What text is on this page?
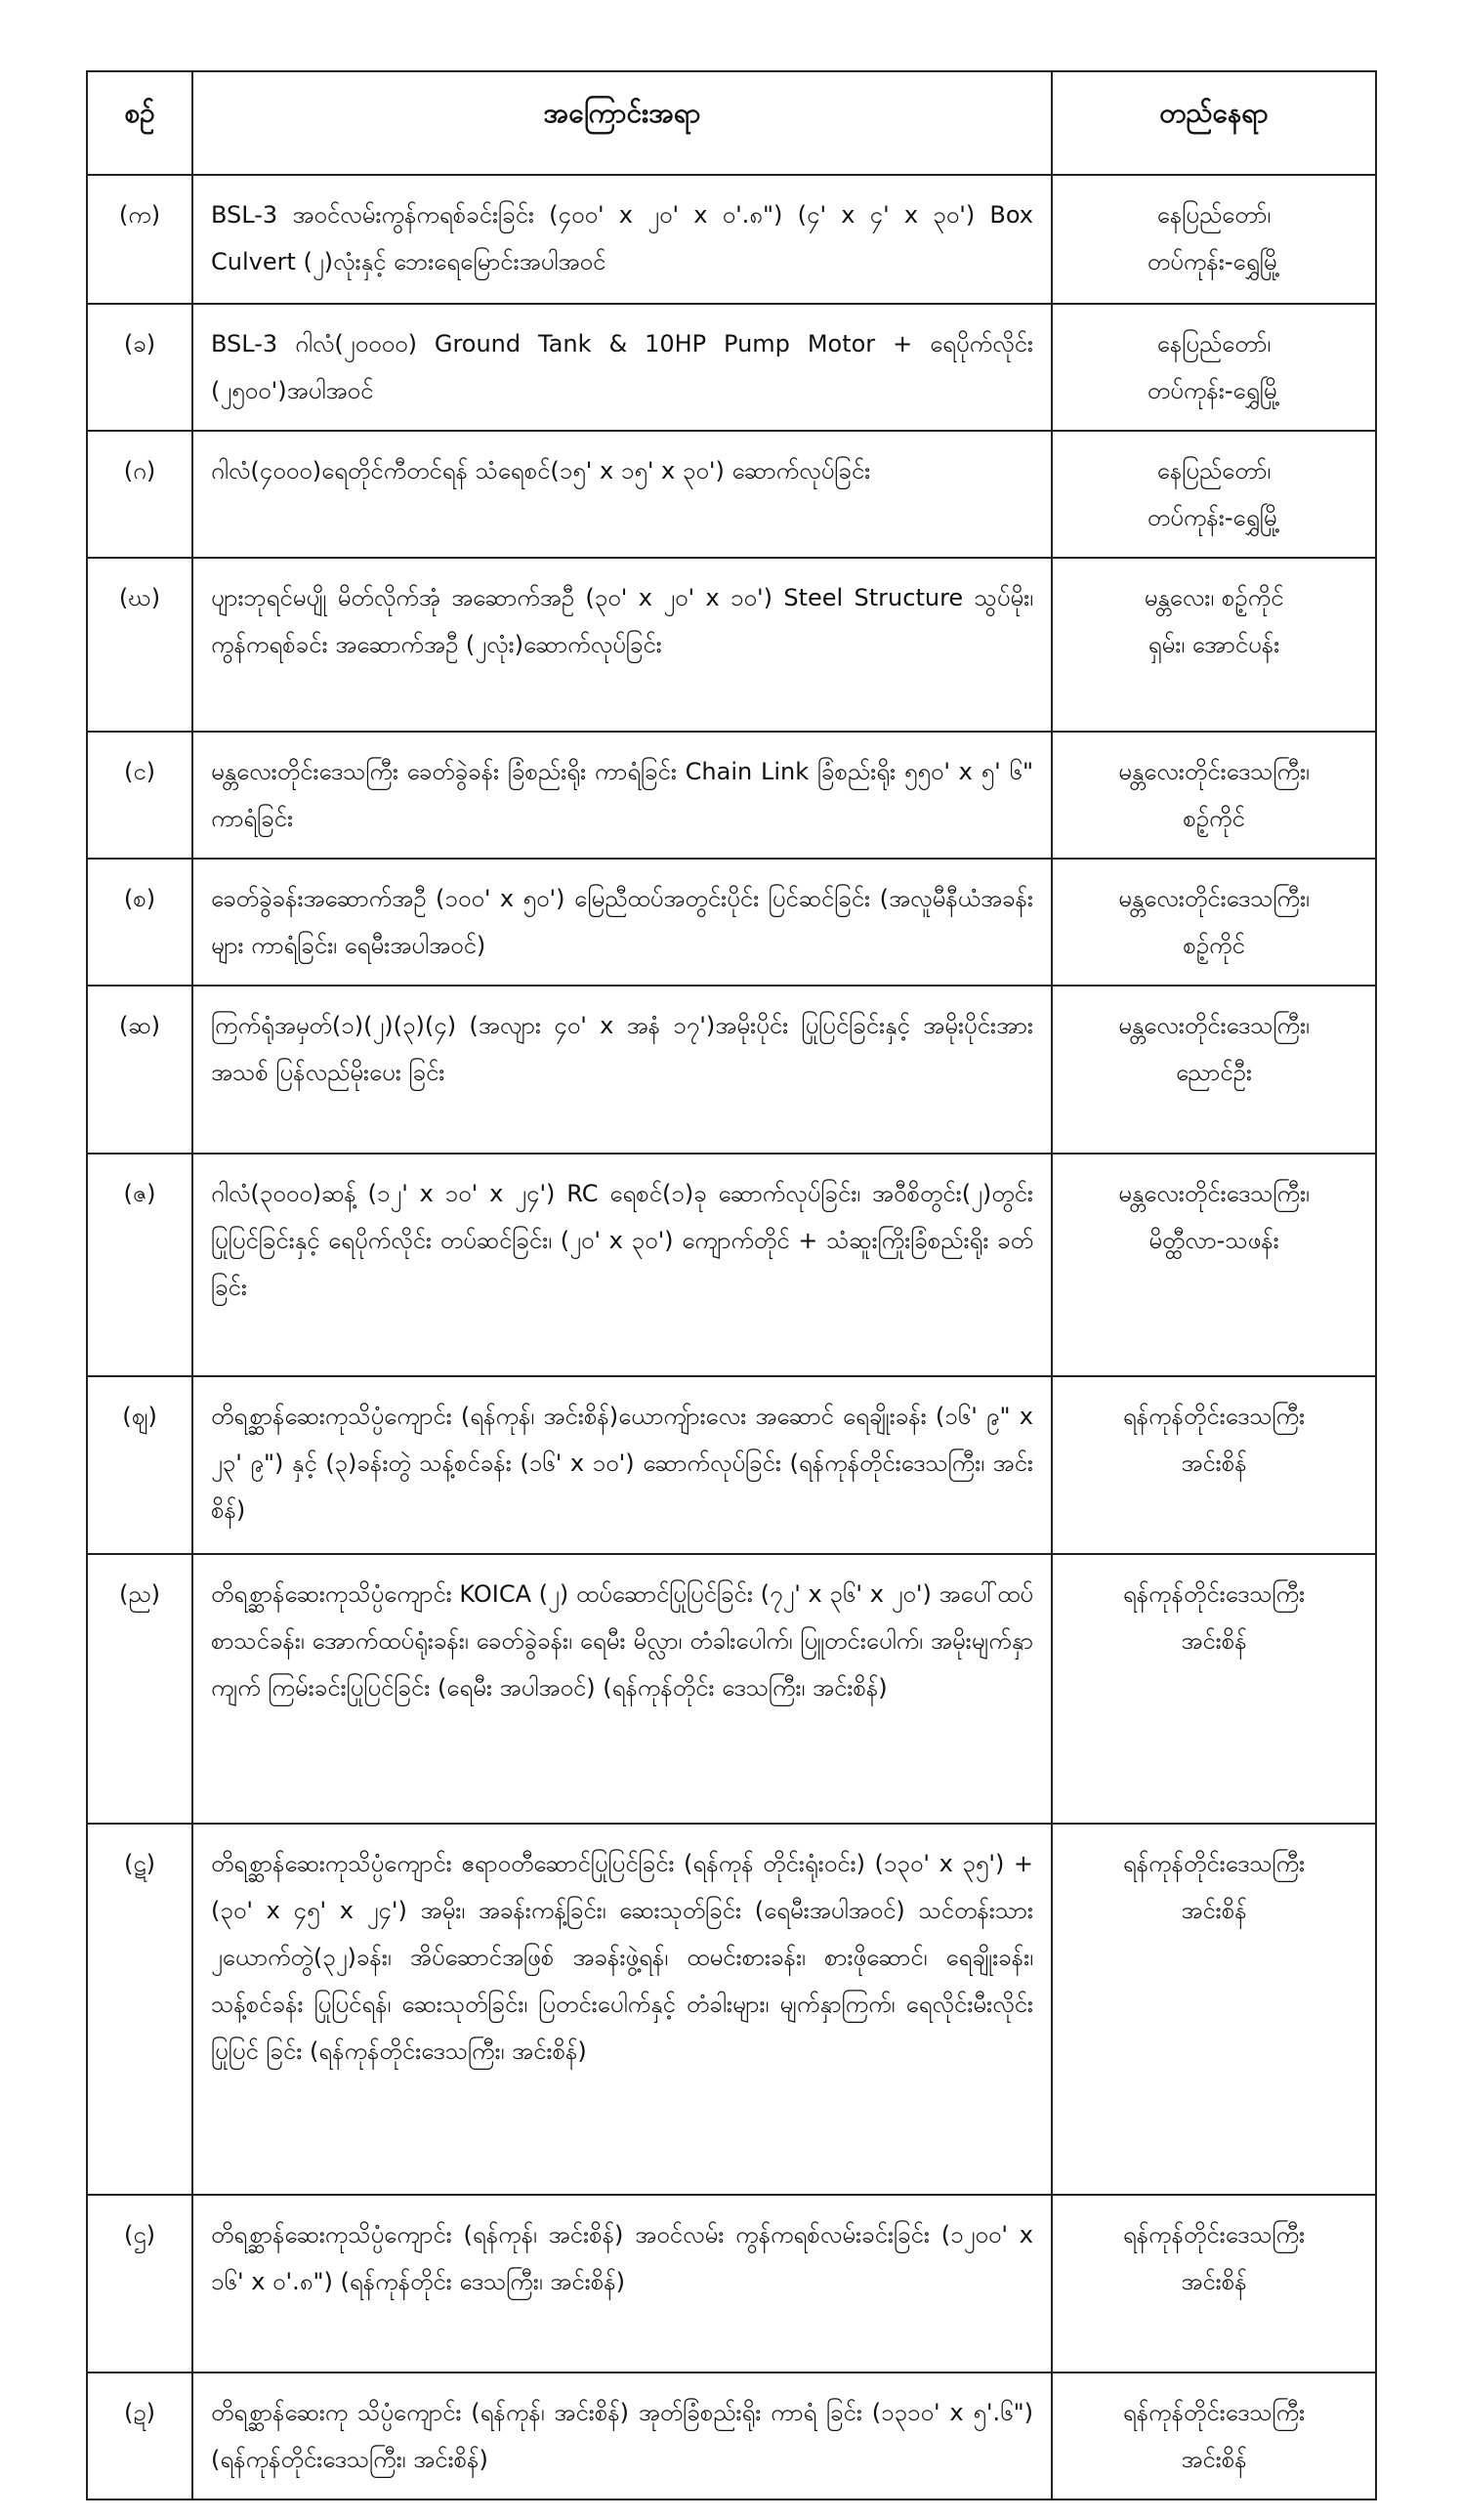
စဉ်	အကြောင်းအရာ	တည်နေရာ
(က)	BSL-3 အဝင်လမ်းကွန်ကရစ်ခင်းခြင်း (၄၀၀' x ၂၀' x ၀'.၈") (၄' x ၄' x ၃၀') Box Culvert (၂)လုံးနှင့် ဘေးရေမြောင်းအပါအဝင်	နေပြည်တော်၊
တပ်ကုန်း-ရွှေမြို့

(ခ)	BSL-3 ဂါလံ(၂၀၀၀၀) Ground Tank & 10HP Pump Motor + ရေပိုက်လိုင်း (၂၅၀၀')အပါအဝင်	နေပြည်တော်၊
တပ်ကုန်း-ရွှေမြို့

(ဂ)	ဂါလံ(၄၀၀၀)ရေတိုင်ကီတင်ရန် သံရေစင်(၁၅' x ၁၅' x ၃၀') ဆောက်လုပ်ခြင်း	နေပြည်တော်၊
တပ်ကုန်း-ရွှေမြို့

(ဃ)	ပျားဘုရင်မပျို မိတ်လိုက်အုံ အဆောက်အဦ (၃၀' x ၂၀' x ၁၀') Steel Structure သွပ်မိုး၊ ကွန်ကရစ်ခင်း အဆောက်အဦ (၂လုံး)ဆောက်လုပ်ခြင်း	မန္တလေး၊ စဥ့်ကိုင်
ရှမ်း၊ အောင်ပန်း

(င)	မန္တလေးတိုင်းဒေသကြီး ခေတ်ခွဲခန်း ခြံစည်းရိုး ကာရံခြင်း Chain Link ခြံစည်းရိုး ၅၅၀' x ၅' ၆" ကာရံခြင်း	မန္တလေးတိုင်းဒေသကြီး၊
စဥ့်ကိုင်

(စ)	ခေတ်ခွဲခန်းအဆောက်အဦ (၁၀၀' x ၅၀') မြေညီထပ်အတွင်းပိုင်း ပြင်ဆင်ခြင်း (အလူမီနီယံအခန်းများ ကာရံခြင်း၊ ရေမီးအပါအဝင်)	မန္တလေးတိုင်းဒေသကြီး၊
စဥ့်ကိုင်

(ဆ)	ကြက်ရုံအမှတ်(၁)(၂)(၃)(၄) (အလျား ၄၀' x အနံ ၁၇')အမိုးပိုင်း ပြုပြင်ခြင်းနှင့် အမိုးပိုင်းအား အသစ် ပြန်လည်မိုးပေး ခြင်း	မန္တလေးတိုင်းဒေသကြီး၊
ညောင်ဦး

(ဇ)	ဂါလံ(၃၀၀၀)ဆန့် (၁၂' x ၁၀' x ၂၄') RC ရေစင်(၁)ခု ဆောက်လုပ်ခြင်း၊ အဝီစိတွင်း(၂)တွင်း ပြုပြင်ခြင်းနှင့် ရေပိုက်လိုင်း တပ်ဆင်ခြင်း၊ (၂၀' x ၃၀') ကျောက်တိုင် + သံဆူးကြိုးခြံစည်းရိုး ခတ်ခြင်း	မန္တလေးတိုင်းဒေသကြီး၊
မိတ္ထီလာ-သဖန်း

(ဈ)	တိရစ္ဆာန်ဆေးကုသိပ္ပံကျောင်း (ရန်ကုန်၊ အင်းစိန်)ယောကျ်ားလေး အဆောင် ရေချိုးခန်း (၁၆' ၉" x ၂၃' ၉") နှင့် (၃)ခန်းတွဲ သန့်စင်ခန်း (၁၆' x ၁၀') ဆောက်လုပ်ခြင်း (ရန်ကုန်တိုင်းဒေသကြီး၊ အင်းစိန်)	ရန်ကုန်တိုင်းဒေသကြီး
အင်းစိန်

(ည)	တိရစ္ဆာန်ဆေးကုသိပ္ပံကျောင်း KOICA (၂) ထပ်ဆောင်ပြုပြင်ခြင်း (၇၂' x ၃၆' x ၂၀') အပေါ်ထပ်စာသင်ခန်း၊ အောက်ထပ်ရုံးခန်း၊ ခေတ်ခွဲခန်း၊ ရေမီး မိလ္လာ၊ တံခါးပေါက်၊ ပြူတင်းပေါက်၊ အမိုးမျက်နှာ ကျက် ကြမ်းခင်းပြုပြင်ခြင်း (ရေမီး အပါအဝင်) (ရန်ကုန်တိုင်း ဒေသကြီး၊ အင်းစိန်)	ရန်ကုန်တိုင်းဒေသကြီး
အင်းစိန်

(ဋ)	တိရစ္ဆာန်ဆေးကုသိပ္ပံကျောင်း ဧရာဝတီဆောင်ပြုပြင်ခြင်း (ရန်ကုန် တိုင်းရုံးဝင်း) (၁၃၀' x ၃၅') + (၃၀' x ၄၅' x ၂၄') အမိုး၊ အခန်းကန့်ခြင်း၊ ဆေးသုတ်ခြင်း (ရေမီးအပါအဝင်) သင်တန်းသား ၂ယောက်တွဲ(၃၂)ခန်း၊ အိပ်ဆောင်အဖြစ် အခန်းဖွဲ့ရန်၊ ထမင်းစားခန်း၊ စားဖိုဆောင်၊ ရေချိုးခန်း၊ သန့်စင်ခန်း ပြုပြင်ရန်၊ ဆေးသုတ်ခြင်း၊ ပြတင်းပေါက်နှင့် တံခါးများ၊ မျက်နှာကြက်၊ ရေလိုင်းမီးလိုင်းပြုပြင် ခြင်း (ရန်ကုန်တိုင်းဒေသကြီး၊ အင်းစိန်)	ရန်ကုန်တိုင်းဒေသကြီး
အင်းစိန်

(ဌ)	တိရစ္ဆာန်ဆေးကုသိပ္ပံကျောင်း (ရန်ကုန်၊ အင်းစိန်) အဝင်လမ်း ကွန်ကရစ်လမ်းခင်းခြင်း (၁၂၀၀' x ၁၆' x ၀'.၈") (ရန်ကုန်တိုင်း ဒေသကြီး၊ အင်းစိန်)	ရန်ကုန်တိုင်းဒေသကြီး
အင်းစိန်

(ဍ)	တိရစ္ဆာန်ဆေးကု သိပ္ပံကျောင်း (ရန်ကုန်၊ အင်းစိန်) အုတ်ခြံစည်းရိုး ကာရံ ခြင်း (၁၃၁၀' x ၅'.၆") (ရန်ကုန်တိုင်းဒေသကြီး၊ အင်းစိန်)	ရန်ကုန်တိုင်းဒေသကြီး
အင်းစိန်
